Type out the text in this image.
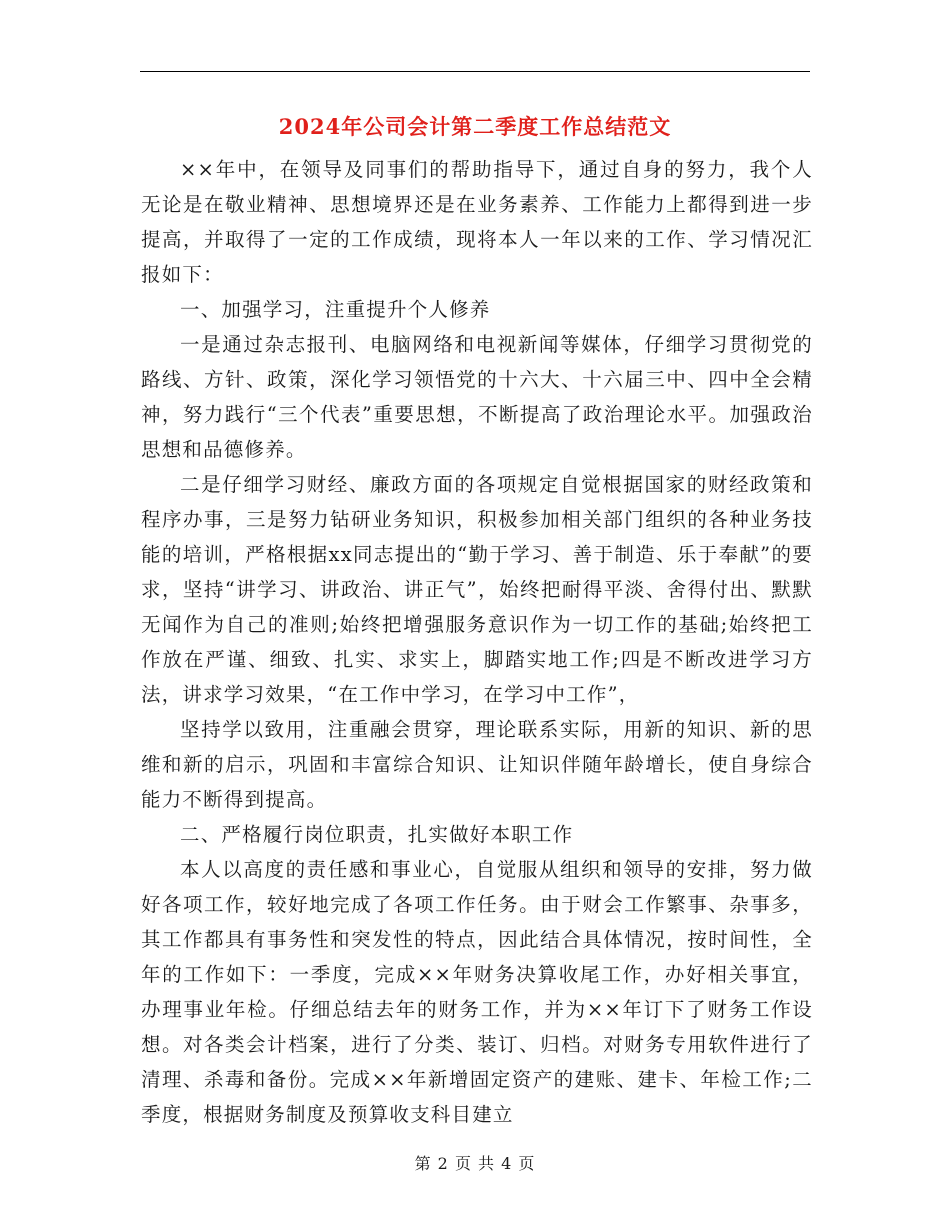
2024年公司会计第二季度工作总结范文

××年中，在领导及同事们的帮助指导下，通过自身的努力，我个人无论是在敬业精神、思想境界还是在业务素养、工作能力上都得到进一步提高，并取得了一定的工作成绩，现将本人一年以来的工作、学习情况汇报如下：

一、加强学习，注重提升个人修养

一是通过杂志报刊、电脑网络和电视新闻等媒体，仔细学习贯彻党的路线、方针、政策，深化学习领悟党的十六大、十六届三中、四中全会精神，努力践行“三个代表”重要思想，不断提高了政治理论水平。加强政治思想和品德修养。

二是仔细学习财经、廉政方面的各项规定自觉根据国家的财经政策和程序办事，三是努力钻研业务知识，积极参加相关部门组织的各种业务技能的培训，严格根据xx同志提出的“勤于学习、善于制造、乐于奉献”的要求，坚持“讲学习、讲政治、讲正气”，始终把耐得平淡、舍得付出、默默无闻作为自己的准则;始终把增强服务意识作为一切工作的基础;始终把工作放在严谨、细致、扎实、求实上，脚踏实地工作;四是不断改进学习方法，讲求学习效果，“在工作中学习，在学习中工作”，

坚持学以致用，注重融会贯穿，理论联系实际，用新的知识、新的思维和新的启示，巩固和丰富综合知识、让知识伴随年龄增长，使自身综合能力不断得到提高。

二、严格履行岗位职责，扎实做好本职工作

本人以高度的责任感和事业心，自觉服从组织和领导的安排，努力做好各项工作，较好地完成了各项工作任务。由于财会工作繁事、杂事多，其工作都具有事务性和突发性的特点，因此结合具体情况，按时间性，全年的工作如下：一季度，完成××年财务决算收尾工作，办好相关事宜，办理事业年检。仔细总结去年的财务工作，并为××年订下了财务工作设想。对各类会计档案，进行了分类、装订、归档。对财务专用软件进行了清理、杀毒和备份。完成××年新增固定资产的建账、建卡、年检工作;二季度，根据财务制度及预算收支科目建立

第 2 页 共 4 页
